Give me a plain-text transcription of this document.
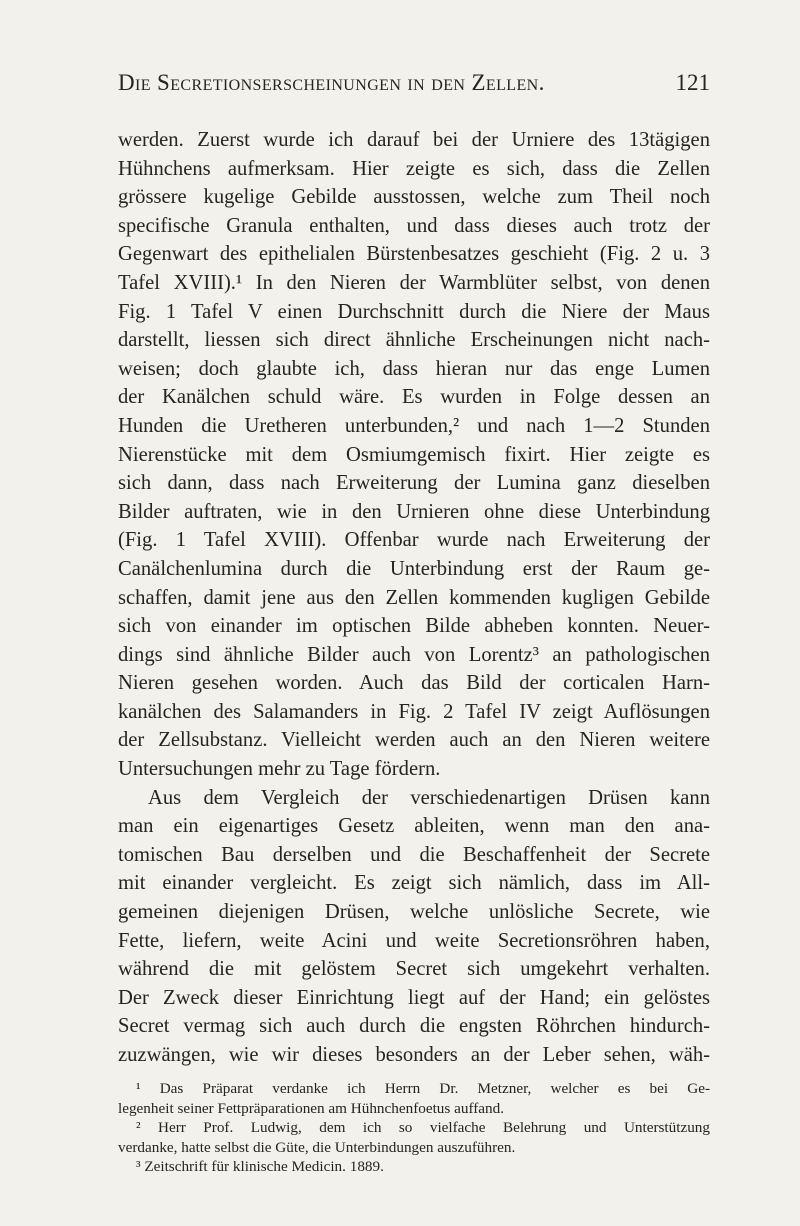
Die Secretionserscheinungen in den Zellen.	121
werden. Zuerst wurde ich darauf bei der Urniere des 13tägigen
Hühnchens aufmerksam. Hier zeigte es sich, dass die Zellen
grössere kugelige Gebilde ausstossen, welche zum Theil noch
specifische Granula enthalten, und dass dieses auch trotz der
Gegenwart des epithelialen Bürstenbesatzes geschieht (Fig. 2 u. 3
Tafel XVIII).¹ In den Nieren der Warmblüter selbst, von denen
Fig. 1 Tafel V einen Durchschnitt durch die Niere der Maus
darstellt, liessen sich direct ähnliche Erscheinungen nicht nach-
weisen; doch glaubte ich, dass hieran nur das enge Lumen
der Kanälchen schuld wäre. Es wurden in Folge dessen an
Hunden die Uretheren unterbunden,² und nach 1—2 Stunden
Nierenstücke mit dem Osmiumgemisch fixirt. Hier zeigte es
sich dann, dass nach Erweiterung der Lumina ganz dieselben
Bilder auftraten, wie in den Urnieren ohne diese Unterbindung
(Fig. 1 Tafel XVIII). Offenbar wurde nach Erweiterung der
Canälchenlumina durch die Unterbindung erst der Raum ge-
schaffen, damit jene aus den Zellen kommenden kugligen Gebilde
sich von einander im optischen Bilde abheben konnten. Neuer-
dings sind ähnliche Bilder auch von Lorentz³ an pathologischen
Nieren gesehen worden. Auch das Bild der corticalen Harn-
kanälchen des Salamanders in Fig. 2 Tafel IV zeigt Auflösungen
der Zellsubstanz. Vielleicht werden auch an den Nieren weitere
Untersuchungen mehr zu Tage fördern.
Aus dem Vergleich der verschiedenartigen Drüsen kann
man ein eigenartiges Gesetz ableiten, wenn man den ana-
tomischen Bau derselben und die Beschaffenheit der Secrete
mit einander vergleicht. Es zeigt sich nämlich, dass im All-
gemeinen diejenigen Drüsen, welche unlösliche Secrete, wie
Fette, liefern, weite Acini und weite Secretionsröhren haben,
während die mit gelöstem Secret sich umgekehrt verhalten.
Der Zweck dieser Einrichtung liegt auf der Hand; ein gelöstes
Secret vermag sich auch durch die engsten Röhrchen hindurch-
zuzwängen, wie wir dieses besonders an der Leber sehen, wäh-
¹ Das Präparat verdanke ich Herrn Dr. Metzner, welcher es bei Ge-
legenheit seiner Fettpräparationen am Hühnchenfoetus auffand.
² Herr Prof. Ludwig, dem ich so vielfache Belehrung und Unterstützung
verdanke, hatte selbst die Güte, die Unterbindungen auszuführen.
³ Zeitschrift für klinische Medicin. 1889.
